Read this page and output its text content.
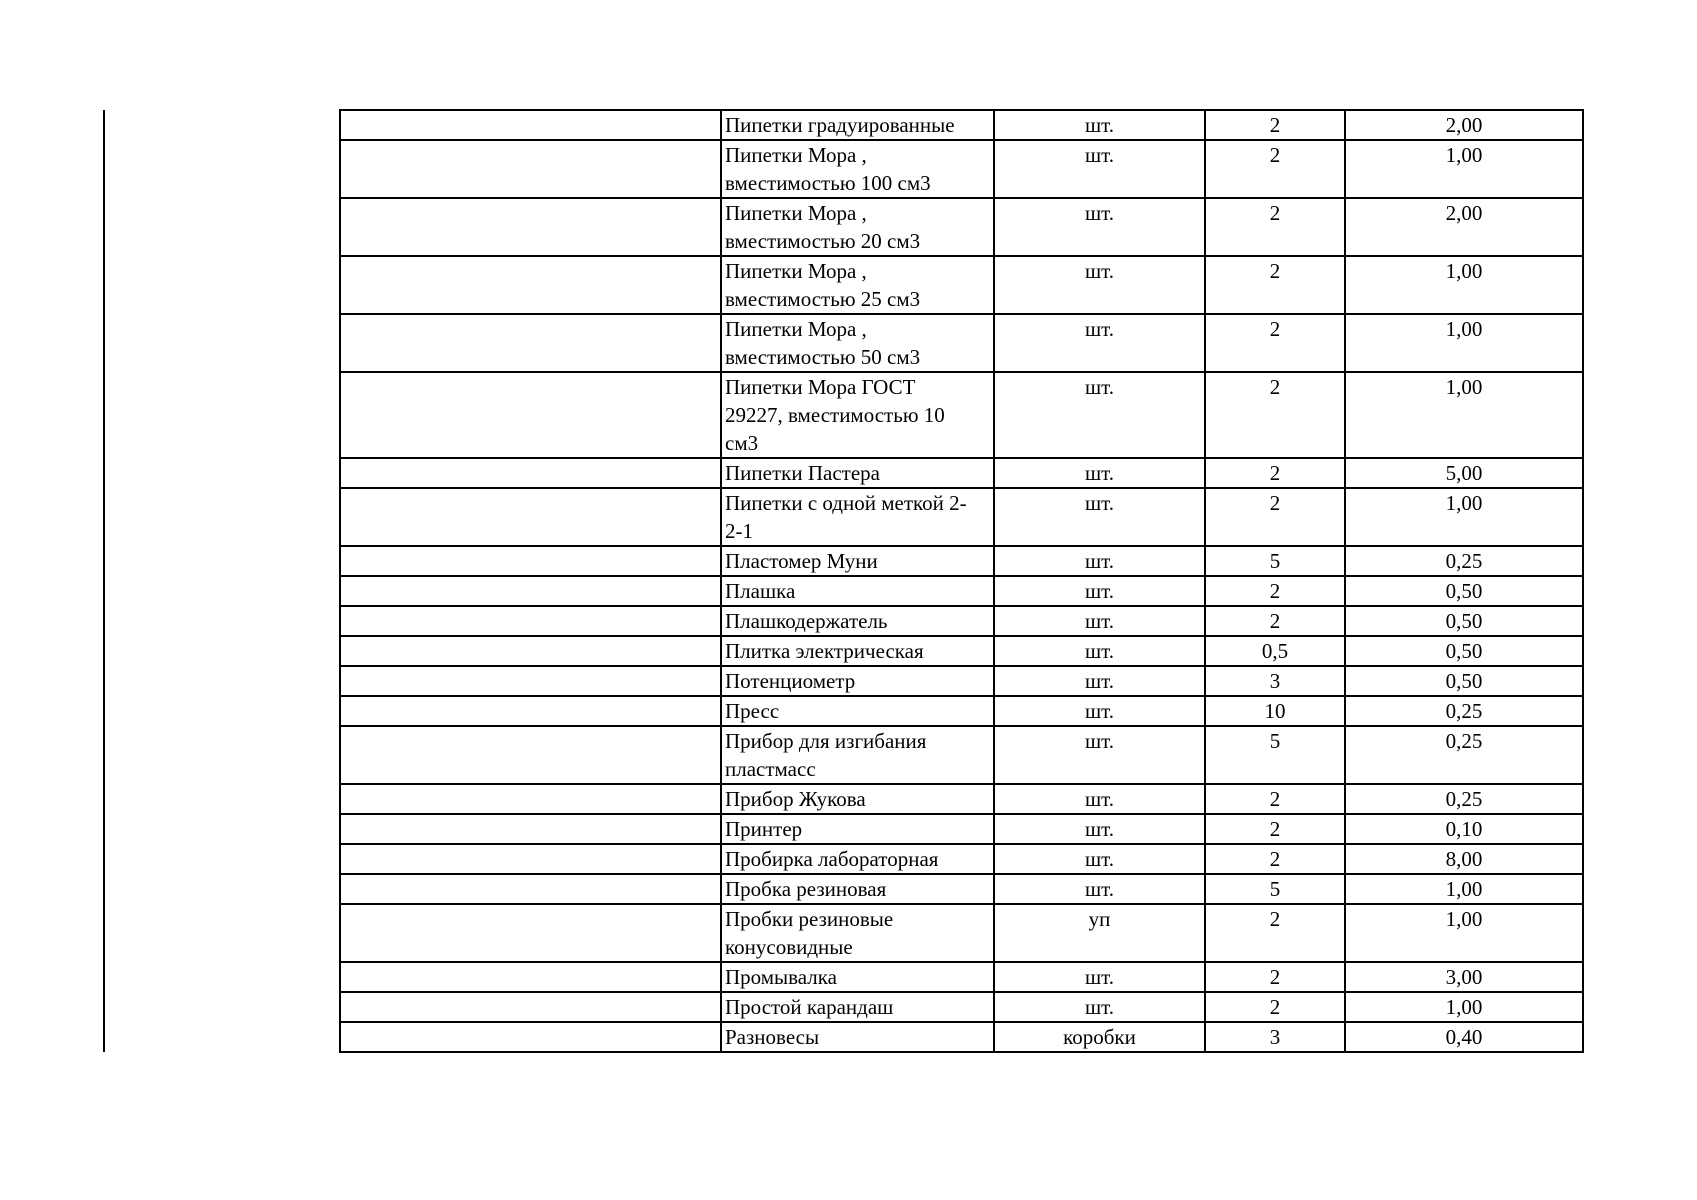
	Пипетки градуированные	шт.	2	2,00
	Пипетки Мора ,
вместимостью 100 см3	шт.	2	1,00
	Пипетки Мора ,
вместимостью 20 см3	шт.	2	2,00
	Пипетки Мора ,
вместимостью 25 см3	шт.	2	1,00
	Пипетки Мора ,
вместимостью 50 см3	шт.	2	1,00
	Пипетки Мора ГОСТ
29227, вместимостью 10
см3	шт.	2	1,00
	Пипетки Пастера	шт.	2	5,00
	Пипетки с одной меткой 2-
2-1	шт.	2	1,00
	Пластомер Муни	шт.	5	0,25
	Плашка	шт.	2	0,50
	Плашкодержатель	шт.	2	0,50
	Плитка электрическая	шт.	0,5	0,50
	Потенциометр	шт.	3	0,50
	Пресс	шт.	10	0,25
	Прибор для изгибания
пластмасс	шт.	5	0,25
	Прибор Жукова	шт.	2	0,25
	Принтер	шт.	2	0,10
	Пробирка лабораторная	шт.	2	8,00
	Пробка резиновая	шт.	5	1,00
	Пробки резиновые
конусовидные	уп	2	1,00
	Промывалка	шт.	2	3,00
	Простой карандаш	шт.	2	1,00
	Разновесы	коробки	3	0,40
